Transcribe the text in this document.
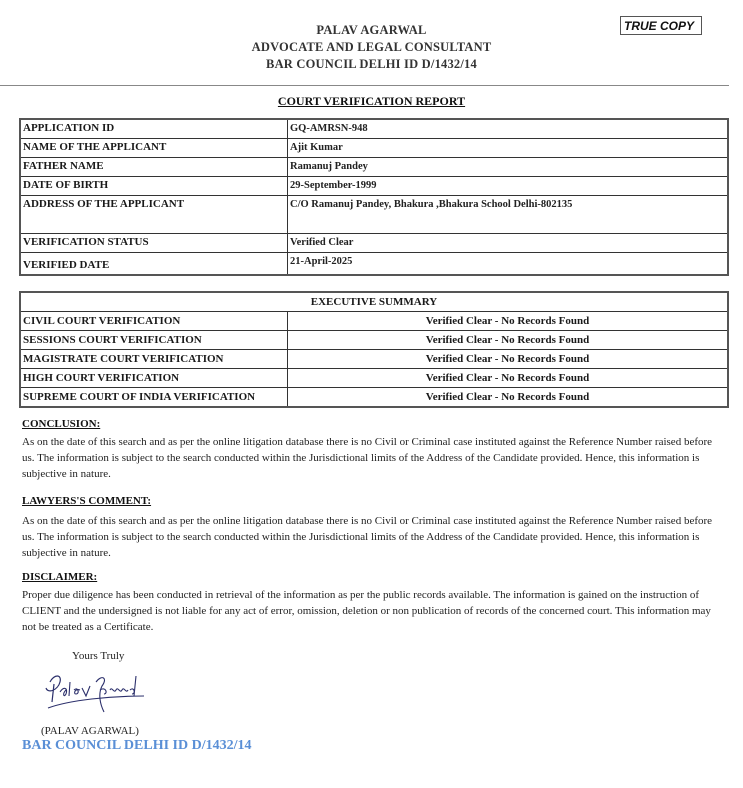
PALAV AGARWAL
ADVOCATE AND LEGAL CONSULTANT
BAR COUNCIL DELHI ID D/1432/14
TRUE COPY
COURT VERIFICATION REPORT
APPLICATION ID	GQ-AMRSN-948
NAME OF THE APPLICANT	Ajit Kumar
FATHER NAME	Ramanuj Pandey
DATE OF BIRTH	29-September-1999
ADDRESS OF THE APPLICANT	C/O Ramanuj Pandey, Bhakura ,Bhakura School Delhi-802135
VERIFICATION STATUS	Verified Clear
VERIFIED DATE	21-April-2025
EXECUTIVE SUMMARY	
CIVIL COURT VERIFICATION	Verified Clear - No Records Found
SESSIONS COURT VERIFICATION	Verified Clear - No Records Found
MAGISTRATE COURT VERIFICATION	Verified Clear - No Records Found
HIGH COURT VERIFICATION	Verified Clear - No Records Found
SUPREME COURT OF INDIA VERIFICATION	Verified Clear - No Records Found
CONCLUSION:
As on the date of this search and as per the online litigation database there is no Civil or Criminal case instituted against the Reference Number raised before us. The information is subject to the search conducted within the Jurisdictional limits of the Address of the Candidate provided. Hence, this information is subjective in nature.
LAWYERS'S COMMENT:
As on the date of this search and as per the online litigation database there is no Civil or Criminal case instituted against the Reference Number raised before us. The information is subject to the search conducted within the Jurisdictional limits of the Address of the Candidate provided. Hence, this information is subjective in nature.
DISCLAIMER:
Proper due diligence has been conducted in retrieval of the information as per the public records available. The information is gained on the instruction of CLIENT and the undersigned is not liable for any act of error, omission, deletion or non publication of records of the concerned court. This information may not be treated as a Certificate.
Yours Truly
(PALAV AGARWAL)
BAR COUNCIL DELHI ID D/1432/14
